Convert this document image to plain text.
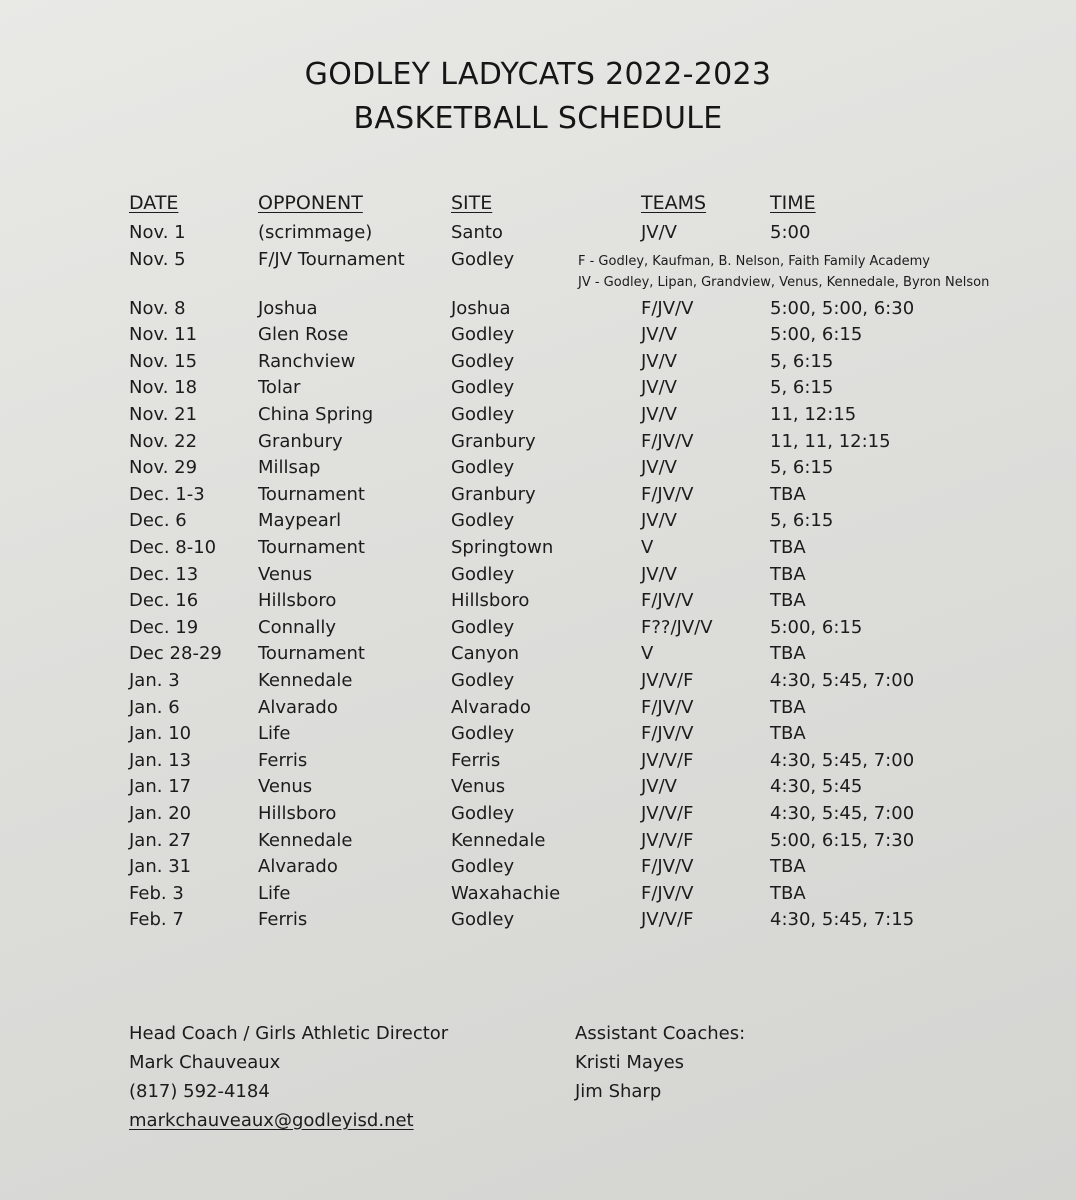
GODLEY LADYCATS 2022-2023
BASKETBALL SCHEDULE
DATE	OPPONENT	SITE	TEAMS	TIME
Nov. 1	(scrimmage)	Santo	JV/V	5:00
Nov. 5	F/JV Tournament	Godley
Nov. 8	Joshua	Joshua	F/JV/V	5:00, 5:00, 6:30
Nov. 11	Glen Rose	Godley	JV/V	5:00, 6:15
Nov. 15	Ranchview	Godley	JV/V	5, 6:15
Nov. 18	Tolar	Godley	JV/V	5, 6:15
Nov. 21	China Spring	Godley	JV/V	11, 12:15
Nov. 22	Granbury	Granbury	F/JV/V	11, 11, 12:15
Nov. 29	Millsap	Godley	JV/V	5, 6:15
Dec. 1-3	Tournament	Granbury	F/JV/V	TBA
Dec. 6	Maypearl	Godley	JV/V	5, 6:15
Dec. 8-10 Tournament	Springtown	V	TBA
Dec. 13	Venus	Godley	JV/V	TBA
Dec. 16	Hillsboro	Hillsboro	F/JV/V	TBA
Dec. 19	Connally	Godley	F??/JV/V	5:00, 6:15
Dec 28-29 Tournament	Canyon	V	TBA
Jan. 3	Kennedale	Godley	JV/V/F	4:30, 5:45, 7:00
Jan. 6	Alvarado	Alvarado	F/JV/V	TBA
Jan. 10	Life	Godley	F/JV/V	TBA
Jan. 13	Ferris	Ferris	JV/V/F	4:30, 5:45, 7:00
Jan. 17	Venus	Venus	JV/V	4:30, 5:45
Jan. 20	Hillsboro	Godley	JV/V/F	4:30, 5:45, 7:00
Jan. 27	Kennedale	Kennedale	JV/V/F	5:00, 6:15, 7:30
Jan. 31	Alvarado	Godley	F/JV/V	TBA
Feb. 3	Life	Waxahachie	F/JV/V	TBA
Feb. 7	Ferris	Godley	JV/V/F	4:30, 5:45, 7:15
F - Godley, Kaufman, B. Nelson, Faith Family Academy
JV - Godley, Lipan, Grandview, Venus, Kennedale, Byron Nelson
Head Coach / Girls Athletic Director
Mark Chauveaux
(817) 592-4184
markchauveaux@godleyisd.net
Assistant Coaches:
Kristi Mayes
Jim Sharp
